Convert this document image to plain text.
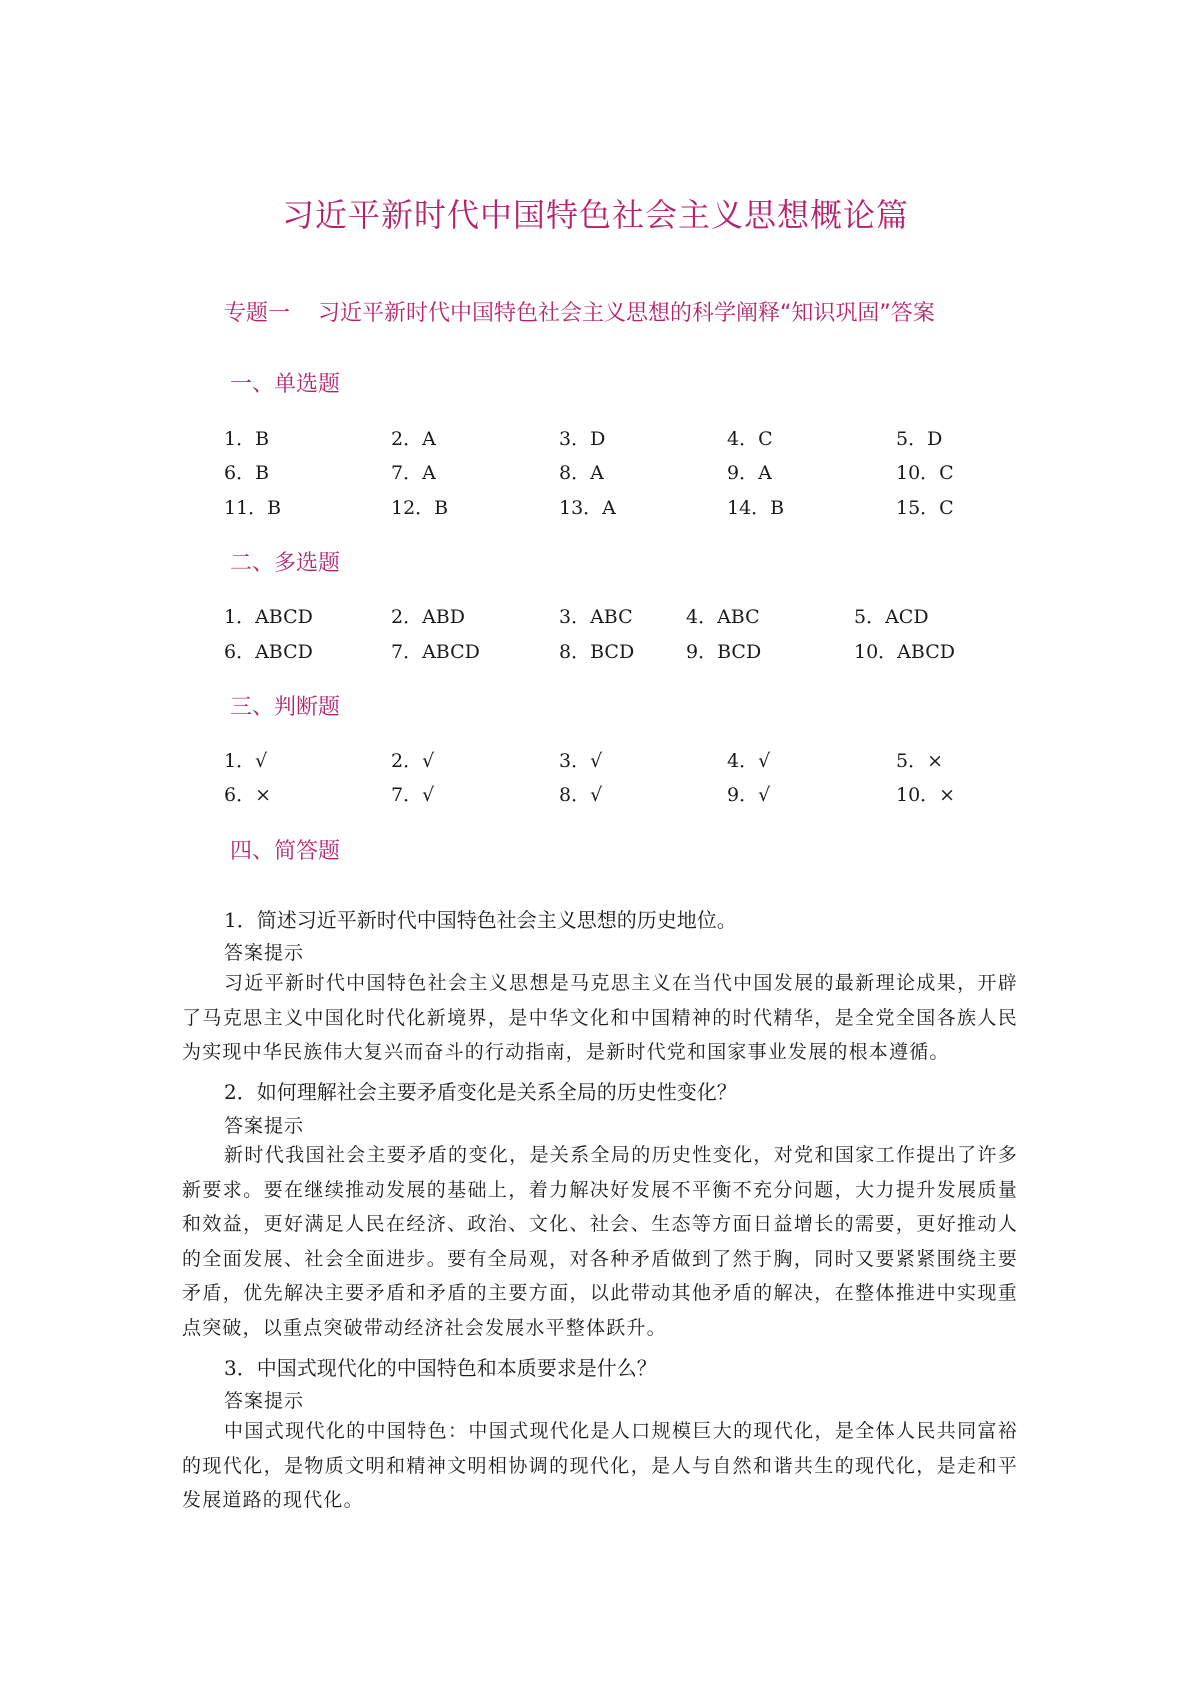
习近平新时代中国特色社会主义思想概论篇
专题一 习近平新时代中国特色社会主义思想的科学阐释“知识巩固”答案
一、单选题
1．B	2．A	3．D	4．C	5．D
6．B	7．A	8．A	9．A	10．C
11．B	12．B	13．A	14．B	15．C
二、多选题
1．ABCD	2．ABD	3．ABC	4．ABC	5．ACD
6．ABCD	7．ABCD	8．BCD	9．BCD	10．ABCD
三、判断题
1．√	2．√	3．√	4．√	5．×
6．×	7．√	8．√	9．√	10．×
四、简答题
1．简述习近平新时代中国特色社会主义思想的历史地位。
答案提示
习近平新时代中国特色社会主义思想是马克思主义在当代中国发展的最新理论成果，开辟了马克思主义中国化时代化新境界，是中华文化和中国精神的时代精华，是全党全国各族人民为实现中华民族伟大复兴而奋斗的行动指南，是新时代党和国家事业发展的根本遵循。
2．如何理解社会主要矛盾变化是关系全局的历史性变化？
答案提示
新时代我国社会主要矛盾的变化，是关系全局的历史性变化，对党和国家工作提出了许多新要求。要在继续推动发展的基础上，着力解决好发展不平衡不充分问题，大力提升发展质量和效益，更好满足人民在经济、政治、文化、社会、生态等方面日益增长的需要，更好推动人的全面发展、社会全面进步。要有全局观，对各种矛盾做到了然于胸，同时又要紧紧围绕主要矛盾，优先解决主要矛盾和矛盾的主要方面，以此带动其他矛盾的解决，在整体推进中实现重点突破，以重点突破带动经济社会发展水平整体跃升。
3．中国式现代化的中国特色和本质要求是什么？
答案提示
中国式现代化的中国特色：中国式现代化是人口规模巨大的现代化，是全体人民共同富裕的现代化，是物质文明和精神文明相协调的现代化，是人与自然和谐共生的现代化，是走和平发展道路的现代化。
